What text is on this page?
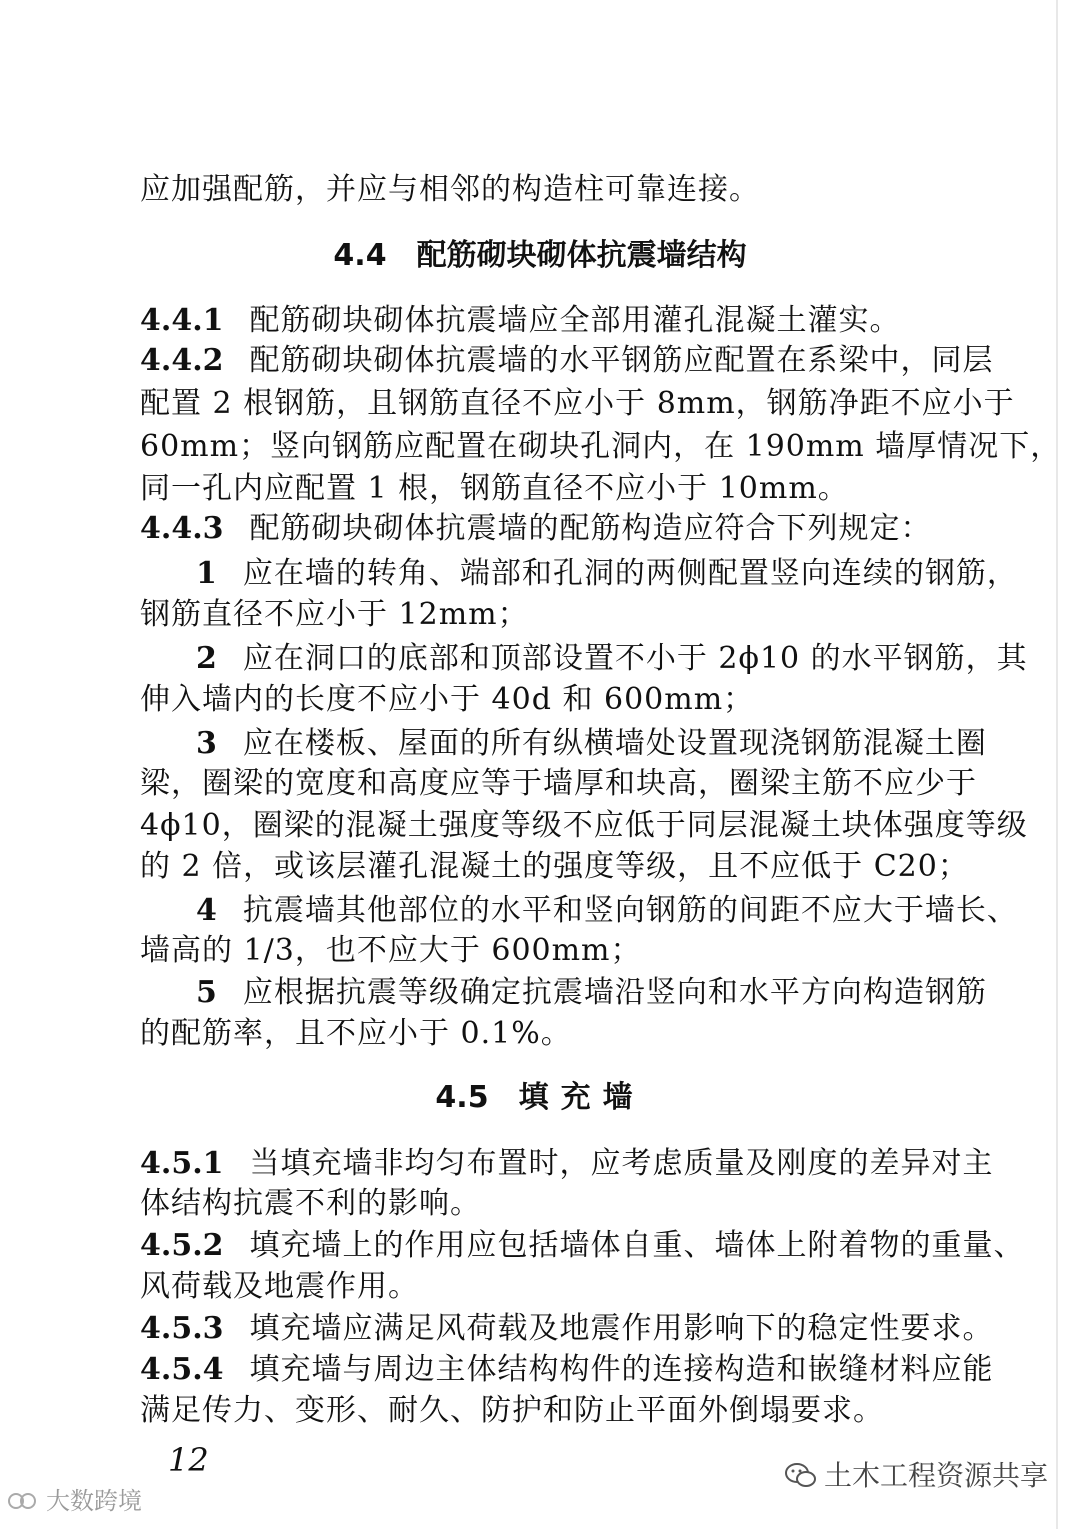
应加强配筋，并应与相邻的构造柱可靠连接。
4.4 配筋砌块砌体抗震墙结构
4.4.1 配筋砌块砌体抗震墙应全部用灌孔混凝土灌实。
4.4.2 配筋砌块砌体抗震墙的水平钢筋应配置在系梁中，同层
配置 2 根钢筋，且钢筋直径不应小于 8mm，钢筋净距不应小于
60mm；竖向钢筋应配置在砌块孔洞内，在 190mm 墙厚情况下，
同一孔内应配置 1 根，钢筋直径不应小于 10mm。
4.4.3 配筋砌块砌体抗震墙的配筋构造应符合下列规定：
1 应在墙的转角、端部和孔洞的两侧配置竖向连续的钢筋，
钢筋直径不应小于 12mm；
2 应在洞口的底部和顶部设置不小于 2ϕ10 的水平钢筋，其
伸入墙内的长度不应小于 40d 和 600mm；
3 应在楼板、屋面的所有纵横墙处设置现浇钢筋混凝土圈
梁，圈梁的宽度和高度应等于墙厚和块高，圈梁主筋不应少于
4ϕ10，圈梁的混凝土强度等级不应低于同层混凝土块体强度等级
的 2 倍，或该层灌孔混凝土的强度等级，且不应低于 C20；
4 抗震墙其他部位的水平和竖向钢筋的间距不应大于墙长、
墙高的 1/3，也不应大于 600mm；
5 应根据抗震等级确定抗震墙沿竖向和水平方向构造钢筋
的配筋率，且不应小于 0.1%。
4.5 填充墙
4.5.1 当填充墙非均匀布置时，应考虑质量及刚度的差异对主
体结构抗震不利的影响。
4.5.2 填充墙上的作用应包括墙体自重、墙体上附着物的重量、
风荷载及地震作用。
4.5.3 填充墙应满足风荷载及地震作用影响下的稳定性要求。
4.5.4 填充墙与周边主体结构构件的连接构造和嵌缝材料应能
满足传力、变形、耐久、防护和防止平面外倒塌要求。
12	土木工程资源共享
大数跨境
